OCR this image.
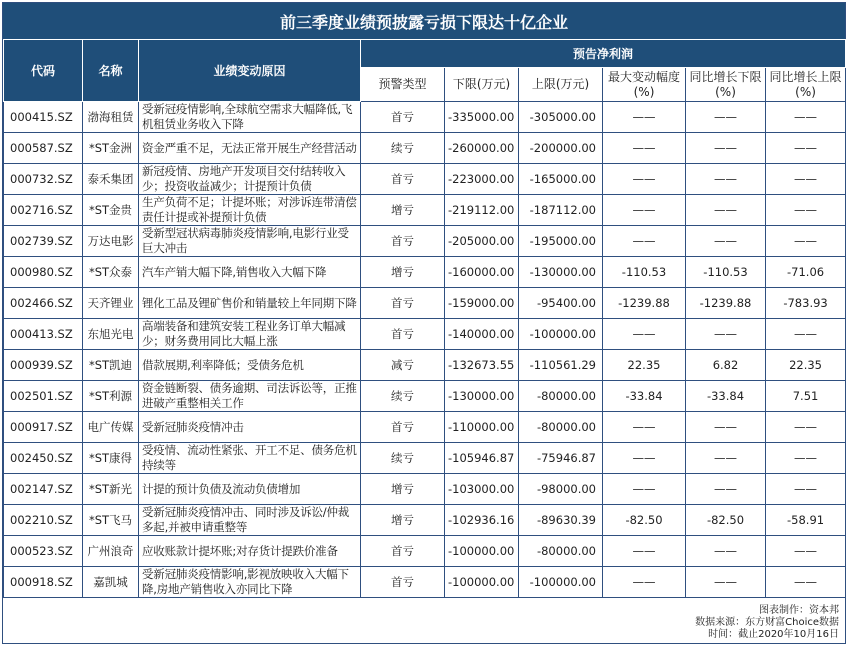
前三季度业绩预披露亏损下限达十亿企业
代码	名称	业绩变动原因	预告净利润					
			预警类型	下限(万元)	上限(万元)	最大变动幅度(%)	同比增长下限(%)	同比增长上限(%)
000415.SZ	渤海租赁	受新冠疫情影响,全球航空需求大幅降低,飞机租赁业务收入下降	首亏	-335000.00	-305000.00	——	——	——
000587.SZ	*ST金洲	资金严重不足，无法正常开展生产经营活动	续亏	-260000.00	-200000.00	——	——	——
000732.SZ	泰禾集团	新冠疫情、房地产开发项目交付结转收入少；投资收益减少；计提预计负债	首亏	-223000.00	-165000.00	——	——	——
002716.SZ	*ST金贵	生产负荷不足；计提坏账；对涉诉连带清偿责任计提或补提预计负债	增亏	-219112.00	-187112.00	——	——	——
002739.SZ	万达电影	受新型冠状病毒肺炎疫情影响,电影行业受巨大冲击	首亏	-205000.00	-195000.00	——	——	——
000980.SZ	*ST众泰	汽车产销大幅下降,销售收入大幅下降	增亏	-160000.00	-130000.00	-110.53	-110.53	-71.06
002466.SZ	天齐锂业	锂化工品及锂矿售价和销量较上年同期下降	首亏	-159000.00	-95400.00	-1239.88	-1239.88	-783.93
000413.SZ	东旭光电	高端装备和建筑安装工程业务订单大幅减少；财务费用同比大幅上涨	首亏	-140000.00	-100000.00	——	——	——
000939.SZ	*ST凯迪	借款展期,利率降低；受债务危机	减亏	-132673.55	-110561.29	22.35	6.82	22.35
002501.SZ	*ST利源	资金链断裂、债务逾期、司法诉讼等，正推进破产重整相关工作	续亏	-130000.00	-80000.00	-33.84	-33.84	7.51
000917.SZ	电广传媒	受新冠肺炎疫情冲击	首亏	-110000.00	-80000.00	——	——	——
002450.SZ	*ST康得	受疫情、流动性紧张、开工不足、债务危机持续等	续亏	-105946.87	-75946.87	——	——	——
002147.SZ	*ST新光	计提的预计负债及流动负债增加	增亏	-103000.00	-98000.00	——	——	——
002210.SZ	*ST飞马	受新冠肺炎疫情冲击、同时涉及诉讼/仲裁多起,并被申请重整等	增亏	-102936.16	-89630.39	-82.50	-82.50	-58.91
000523.SZ	广州浪奇	应收账款计提坏账;对存货计提跌价准备	首亏	-100000.00	-80000.00	——	——	——
000918.SZ	嘉凯城	受新冠肺炎疫情影响,影视放映收入大幅下降,房地产销售收入亦同比下降	首亏	-100000.00	-100000.00	——	——	——
图表制作：资本邦
数据来源：东方财富Choice数据
时间：截止2020年10月16日
